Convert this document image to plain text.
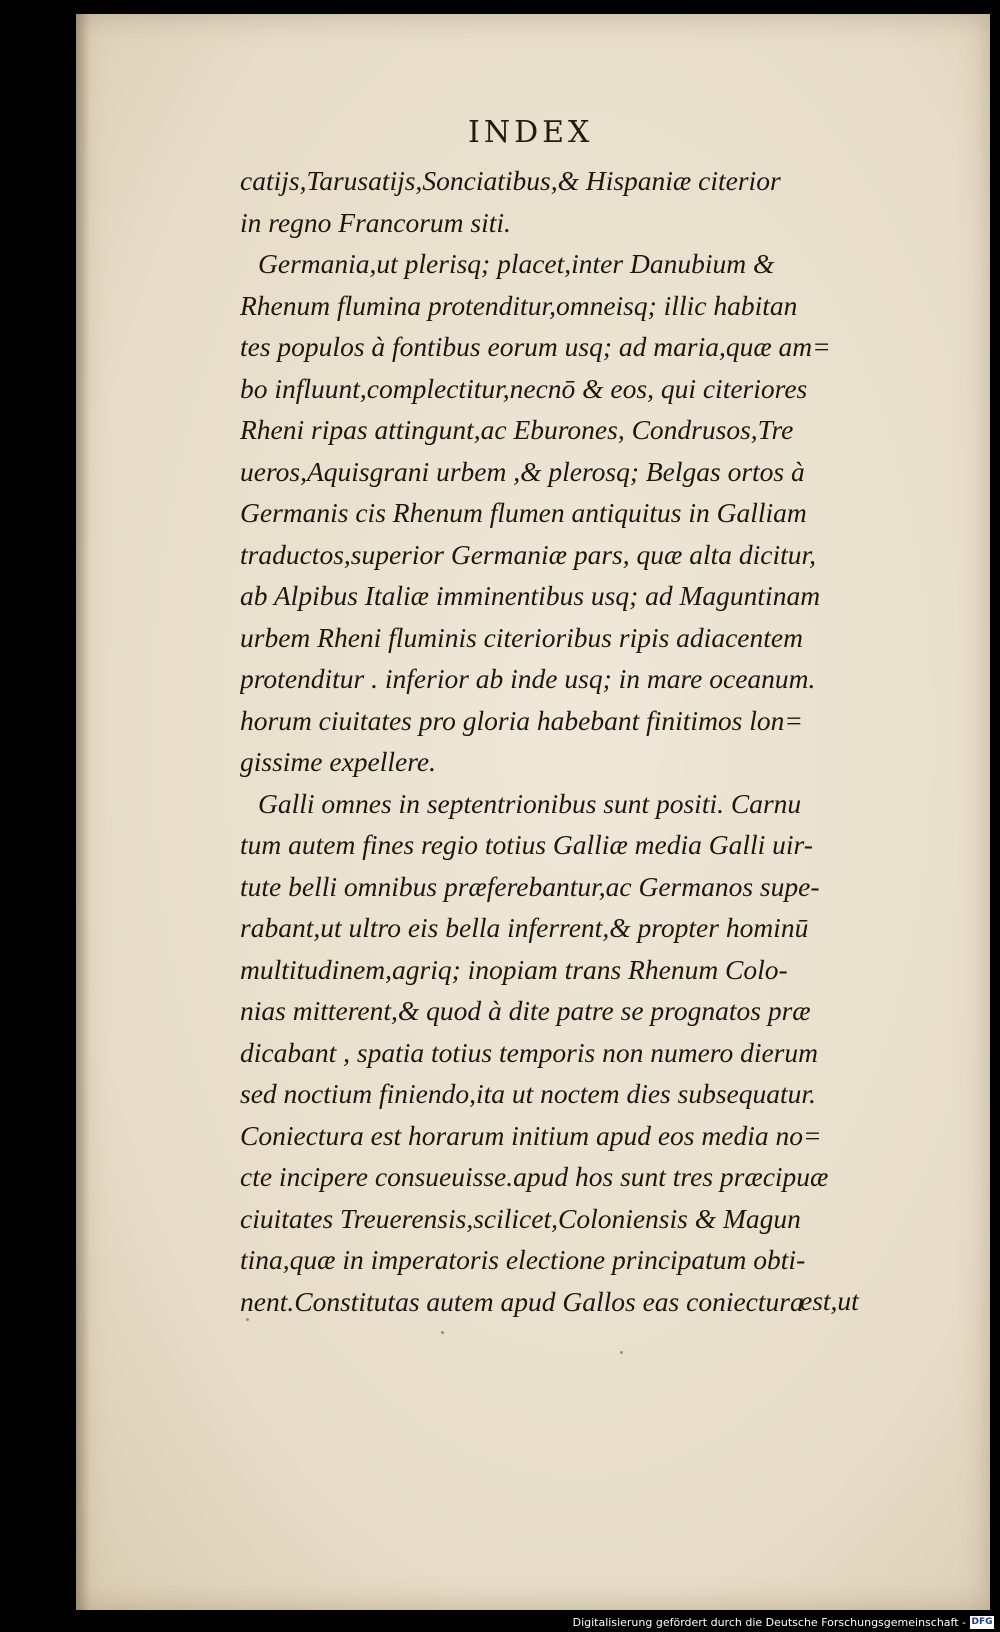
INDEX
catijs,Tarusatijs,Sonciatibus,& Hispaniæ citerior
in regno Francorum siti.
Germania,ut plerisq; placet,inter Danubium &
Rhenum flumina protenditur,omneisq; illic habitan
tes populos à fontibus eorum usq; ad maria,quæ am=
bo influunt,complectitur,necnō & eos, qui citeriores
Rheni ripas attingunt,ac Eburones, Condrusos,Tre
ueros,Aquisgrani urbem ,& plerosq; Belgas ortos à
Germanis cis Rhenum flumen antiquitus in Galliam
traductos,superior Germaniæ pars, quæ alta dicitur,
ab Alpibus Italiæ imminentibus usq; ad Maguntinam
urbem Rheni fluminis citerioribus ripis adiacentem
protenditur . inferior ab inde usq; in mare oceanum.
horum ciuitates pro gloria habebant finitimos lon=
gissime expellere.
Galli omnes in septentrionibus sunt positi. Carnu
tum autem fines regio totius Galliæ media Galli uir-
tute belli omnibus præferebantur,ac Germanos supe-
rabant,ut ultro eis bella inferrent,& propter hominū
multitudinem,agriq; inopiam trans Rhenum Colo-
nias mitterent,& quod à dite patre se prognatos præ
dicabant , spatia totius temporis non numero dierum
sed noctium finiendo,ita ut noctem dies subsequatur.
Coniectura est horarum initium apud eos media no=
cte incipere consueuisse.apud hos sunt tres præcipuæ
ciuitates Treuerensis,scilicet,Coloniensis & Magun
tina,quæ in imperatoris electione principatum obti-
nent.Constitutas autem apud Gallos eas coniectura
est,ut
Digitalisierung gefördert durch die Deutsche Forschungsgemeinschaft - DFG
